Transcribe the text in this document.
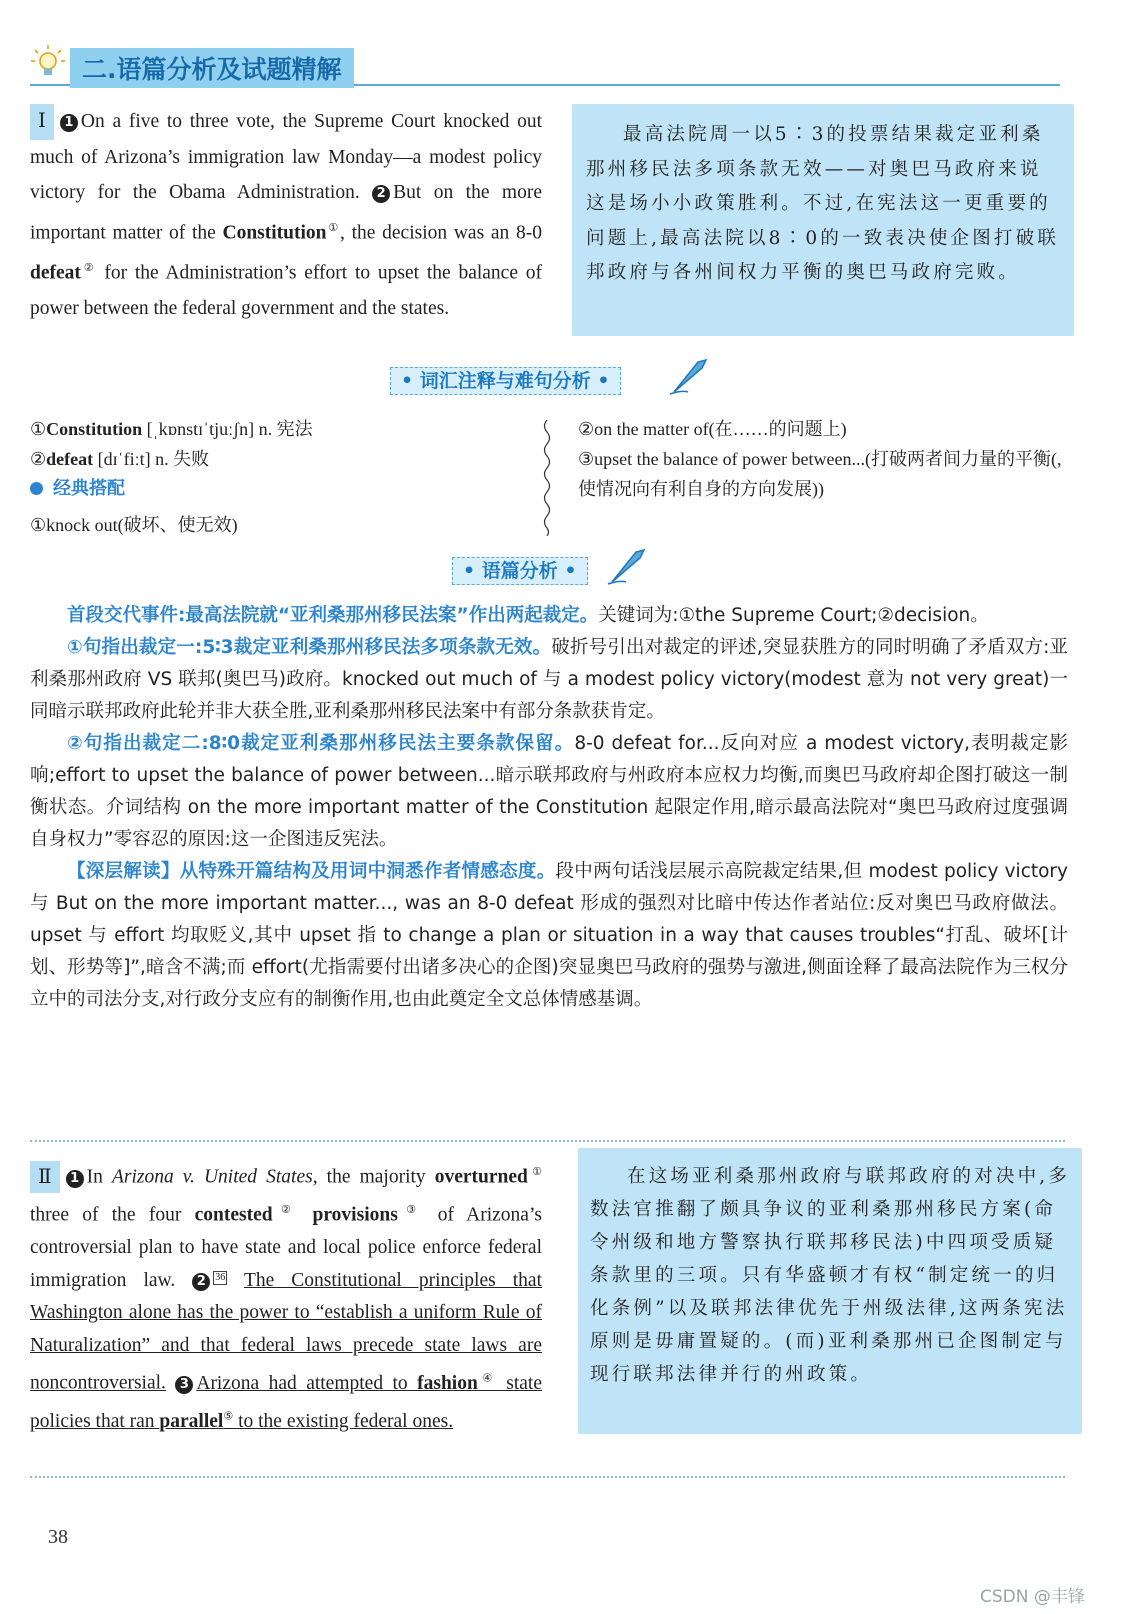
二.语篇分析及试题精解
Ⅰ 1 On a five to three vote, the Supreme Court knocked out much of Arizona’s immigration law Monday—a modest policy victory for the Obama Administration. 2 But on the more important matter of the Constitution①, the decision was an 8-0 defeat② for the Administration’s effort to upset the balance of power between the federal government and the states.
最高法院周一以5∶3的投票结果裁定亚利桑那州移民法多项条款无效——对奥巴马政府来说这是场小小政策胜利。不过,在宪法这一更重要的问题上,最高法院以8∶0的一致表决使企图打破联邦政府与各州间权力平衡的奥巴马政府完败。
• 词汇注释与难句分析 •
①Constitution [ˌkɒnstɪˈtjuːʃn] n. 宪法
②defeat [dɪˈfiːt] n. 失败
经典搭配
①knock out(破坏、使无效)
②on the matter of(在……的问题上)
③upset the balance of power between...(打破两者间力量的平衡(,使情况向有利自身的方向发展))
• 语篇分析 •
首段交代事件:最高法院就“亚利桑那州移民法案”作出两起裁定。关键词为:①the Supreme Court;②decision。
①句指出裁定一:5∶3裁定亚利桑那州移民法多项条款无效。破折号引出对裁定的评述,突显获胜方的同时明确了矛盾双方:亚利桑那州政府 VS 联邦(奥巴马)政府。knocked out much of 与 a modest policy victory(modest 意为 not very great)一同暗示联邦政府此轮并非大获全胜,亚利桑那州移民法案中有部分条款获肯定。
②句指出裁定二:8∶0裁定亚利桑那州移民法主要条款保留。8-0 defeat for...反向对应 a modest victory,表明裁定影响;effort to upset the balance of power between...暗示联邦政府与州政府本应权力均衡,而奥巴马政府却企图打破这一制衡状态。介词结构 on the more important matter of the Constitution 起限定作用,暗示最高法院对“奥巴马政府过度强调自身权力”零容忍的原因:这一企图违反宪法。
【深层解读】从特殊开篇结构及用词中洞悉作者情感态度。段中两句话浅层展示高院裁定结果,但 modest policy victory 与 But on the more important matter..., was an 8-0 defeat 形成的强烈对比暗中传达作者站位:反对奥巴马政府做法。upset 与 effort 均取贬义,其中 upset 指 to change a plan or situation in a way that causes troubles“打乱、破坏[计划、形势等]”,暗含不满;而 effort(尤指需要付出诸多决心的企图)突显奥巴马政府的强势与激进,侧面诠释了最高法院作为三权分立中的司法分支,对行政分支应有的制衡作用,也由此奠定全文总体情感基调。
Ⅱ 1 In Arizona v. United States, the majority overturned① three of the four contested② provisions③ of Arizona’s controversial plan to have state and local police enforce federal immigration law. 2 36 The Constitutional principles that Washington alone has the power to “establish a uniform Rule of Naturalization” and that federal laws precede state laws are noncontroversial. 3 Arizona had attempted to fashion④ state policies that ran parallel⑤ to the existing federal ones.
在这场亚利桑那州政府与联邦政府的对决中,多数法官推翻了颇具争议的亚利桑那州移民方案(命令州级和地方警察执行联邦移民法)中四项受质疑条款里的三项。只有华盛顿才有权“制定统一的归化条例”以及联邦法律优先于州级法律,这两条宪法原则是毋庸置疑的。(而)亚利桑那州已企图制定与现行联邦法律并行的州政策。
38
CSDN @丰锋
